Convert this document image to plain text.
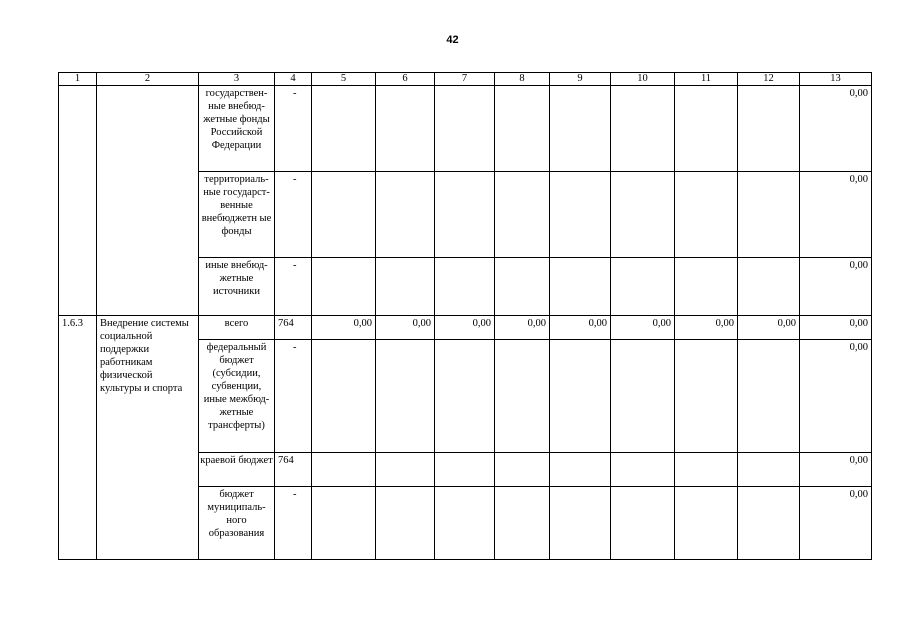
42
1	2	3	4	5	6	7	8	9	10	11	12	13
		государствен-ные внебюд-жетные фонды Российской Федерации	-									0,00
		территориаль-ные государст-венные внебюджетн ые фонды	-									0,00
		иные внебюд-жетные источники	-									0,00
1.6.3	Внедрение системы социальной поддержки работникам физической культуры и спорта	всего	764	0,00	0,00	0,00	0,00	0,00	0,00	0,00	0,00	0,00
		федеральный бюджет (субсидии, субвенции, иные межбюд-жетные трансферты)	-									0,00
		краевой бюджет	764									0,00
		бюджет муниципаль-ного образования	-									0,00
